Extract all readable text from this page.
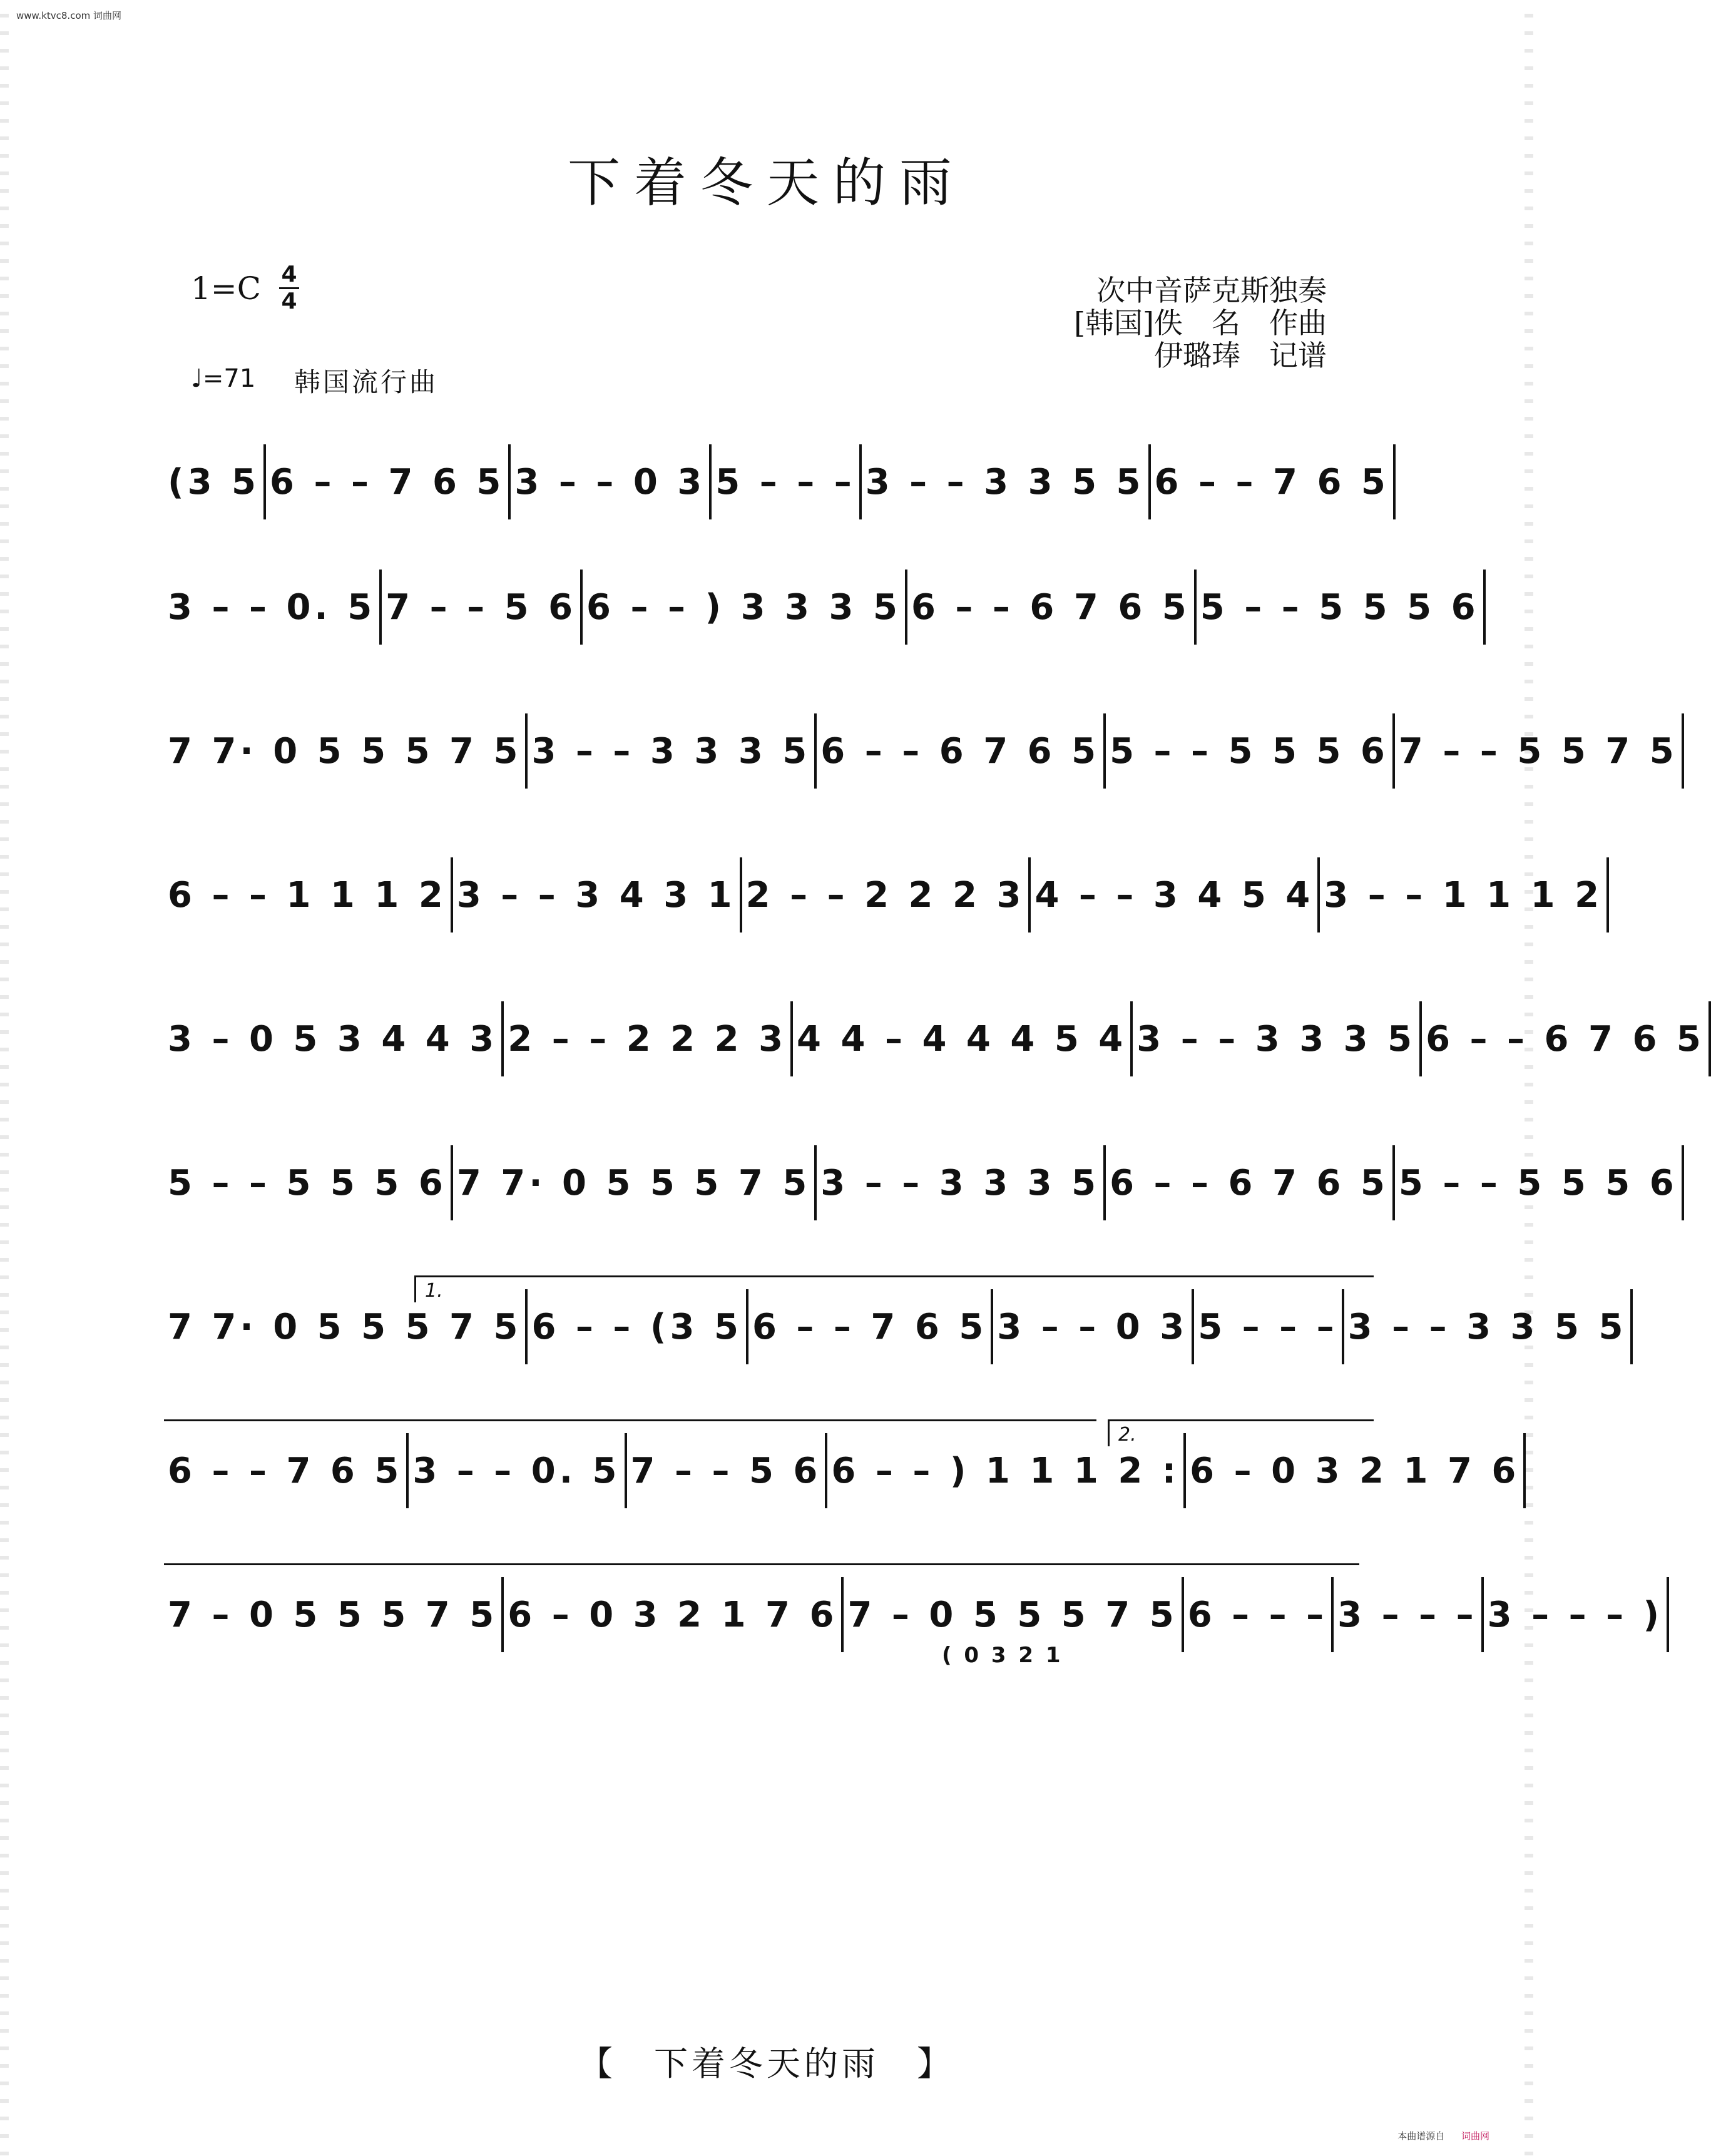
www.ktvc8.com 词曲网
下着冬天的雨
1=C 4
4
♩=71 韩国流行曲
次中音萨克斯独奏
[韩国]佚　名　作曲
伊璐琫　记谱
(3 5 6 – – 7 6 5 3 – – 0 3 5 – – – 3 – – 3 3 5 5 6 – – 7 6 5
3 – – 0. 5 7 – – 5 6 6 – – ) 3 3 3 5 6 – – 6 7 6 5 5 – – 5 5 5 6
7 7· 0 5 5 5 7 5 3 – – 3 3 3 5 6 – – 6 7 6 5 5 – – 5 5 5 6 7 – – 5 5 7 5
6 – – 1 1 1 2 3 – – 3 4 3 1 2 – – 2 2 2 3 4 – – 3 4 5 4 3 – – 1 1 1 2
3 – 0 5 3 4 4 3 2 – – 2 2 2 3 4 4 – 4 4 4 5 4 3 – – 3 3 3 5 6 – – 6 7 6 5
5 – – 5 5 5 6 7 7· 0 5 5 5 7 5 3 – – 3 3 3 5 6 – – 6 7 6 5 5 – – 5 5 5 6
7 7· 0 5 5 5 7 5 6 – – (3 5 6 – – 7 6 5 3 – – 0 3 5 – – – 3 – – 3 3 5 5
6 – – 7 6 5 3 – – 0. 5 7 – – 5 6 6 – – ) 1 1 1 2 : 6 – 0 3 2 1 7 6
7 – 0 5 5 5 7 5 6 – 0 3 2 1 7 6 7 – 0 5 5 5 7 5 6 – – – 3 – – – 3 – – – )
1.
2.
( 0 3 2 1
【　下着冬天的雨　】
本曲谱源自 词曲网
